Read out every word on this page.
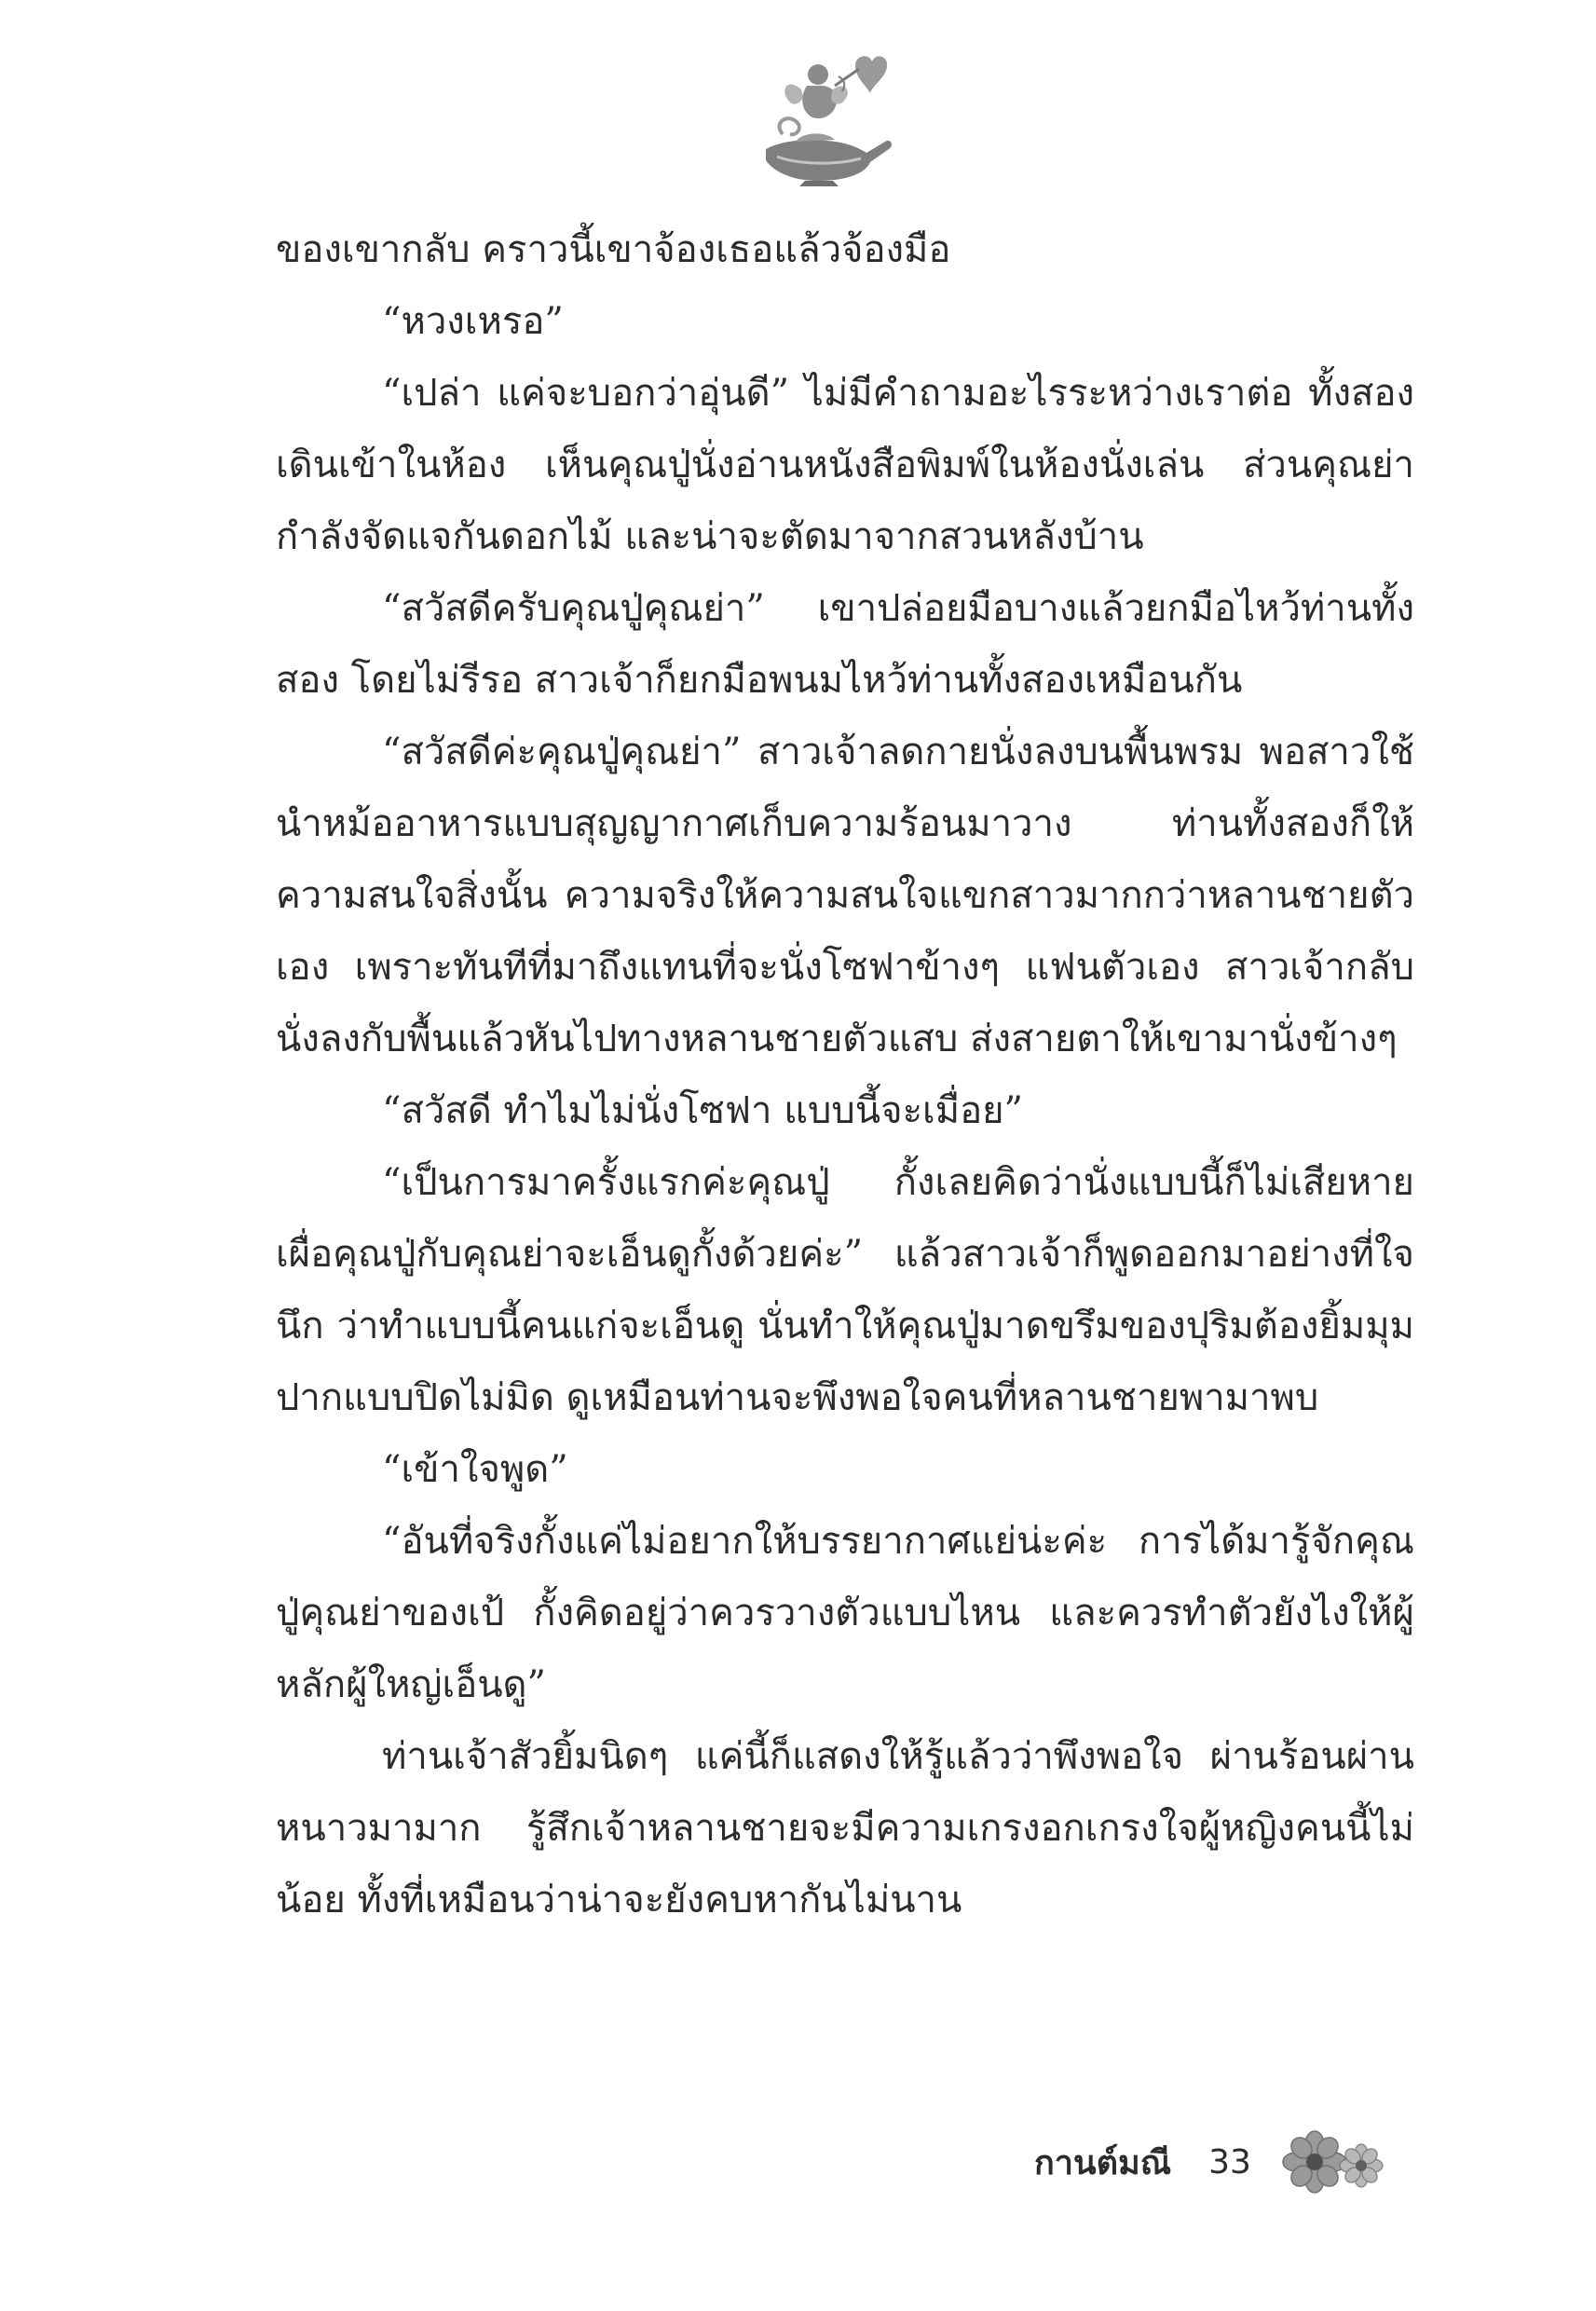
ของเขากลับ คราวนี้เขาจ้องเธอแล้วจ้องมือ

“หวงเหรอ”

“เปล่า แค่จะบอกว่าอุ่นดี” ไม่มีคำถามอะไรระหว่างเราต่อ ทั้งสองเดินเข้าในห้อง เห็นคุณปู่นั่งอ่านหนังสือพิมพ์ในห้องนั่งเล่น ส่วนคุณย่ากำลังจัดแจกันดอกไม้ และน่าจะตัดมาจากสวนหลังบ้าน

“สวัสดีครับคุณปู่คุณย่า” เขาปล่อยมือบางแล้วยกมือไหว้ท่านทั้งสอง โดยไม่รีรอ สาวเจ้าก็ยกมือพนมไหว้ท่านทั้งสองเหมือนกัน

“สวัสดีค่ะคุณปู่คุณย่า” สาวเจ้าลดกายนั่งลงบนพื้นพรม พอสาวใช้นำหม้ออาหารแบบสุญญากาศเก็บความร้อนมาวาง ท่านทั้งสองก็ให้ความสนใจสิ่งนั้น ความจริงให้ความสนใจแขกสาวมากกว่าหลานชายตัวเอง เพราะทันทีที่มาถึงแทนที่จะนั่งโซฟาข้างๆ แฟนตัวเอง สาวเจ้ากลับนั่งลงกับพื้นแล้วหันไปทางหลานชายตัวแสบ ส่งสายตาให้เขามานั่งข้างๆ

“สวัสดี ทำไมไม่นั่งโซฟา แบบนี้จะเมื่อย”

“เป็นการมาครั้งแรกค่ะคุณปู่ กั้งเลยคิดว่านั่งแบบนี้ก็ไม่เสียหายเผื่อคุณปู่กับคุณย่าจะเอ็นดูกั้งด้วยค่ะ” แล้วสาวเจ้าก็พูดออกมาอย่างที่ใจนึก ว่าทำแบบนี้คนแก่จะเอ็นดู นั่นทำให้คุณปู่มาดขรึมของปุริมต้องยิ้มมุมปากแบบปิดไม่มิด ดูเหมือนท่านจะพึงพอใจคนที่หลานชายพามาพบ

“เข้าใจพูด”

“อันที่จริงกั้งแค่ไม่อยากให้บรรยากาศแย่น่ะค่ะ การได้มารู้จักคุณปู่คุณย่าของเป้ กั้งคิดอยู่ว่าควรวางตัวแบบไหน และควรทำตัวยังไงให้ผู้หลักผู้ใหญ่เอ็นดู”

ท่านเจ้าสัวยิ้มนิดๆ แค่นี้ก็แสดงให้รู้แล้วว่าพึงพอใจ ผ่านร้อนผ่านหนาวมามาก รู้สึกเจ้าหลานชายจะมีความเกรงอกเกรงใจผู้หญิงคนนี้ไม่น้อย ทั้งที่เหมือนว่าน่าจะยังคบหากันไม่นาน

กานต์มณี 33
